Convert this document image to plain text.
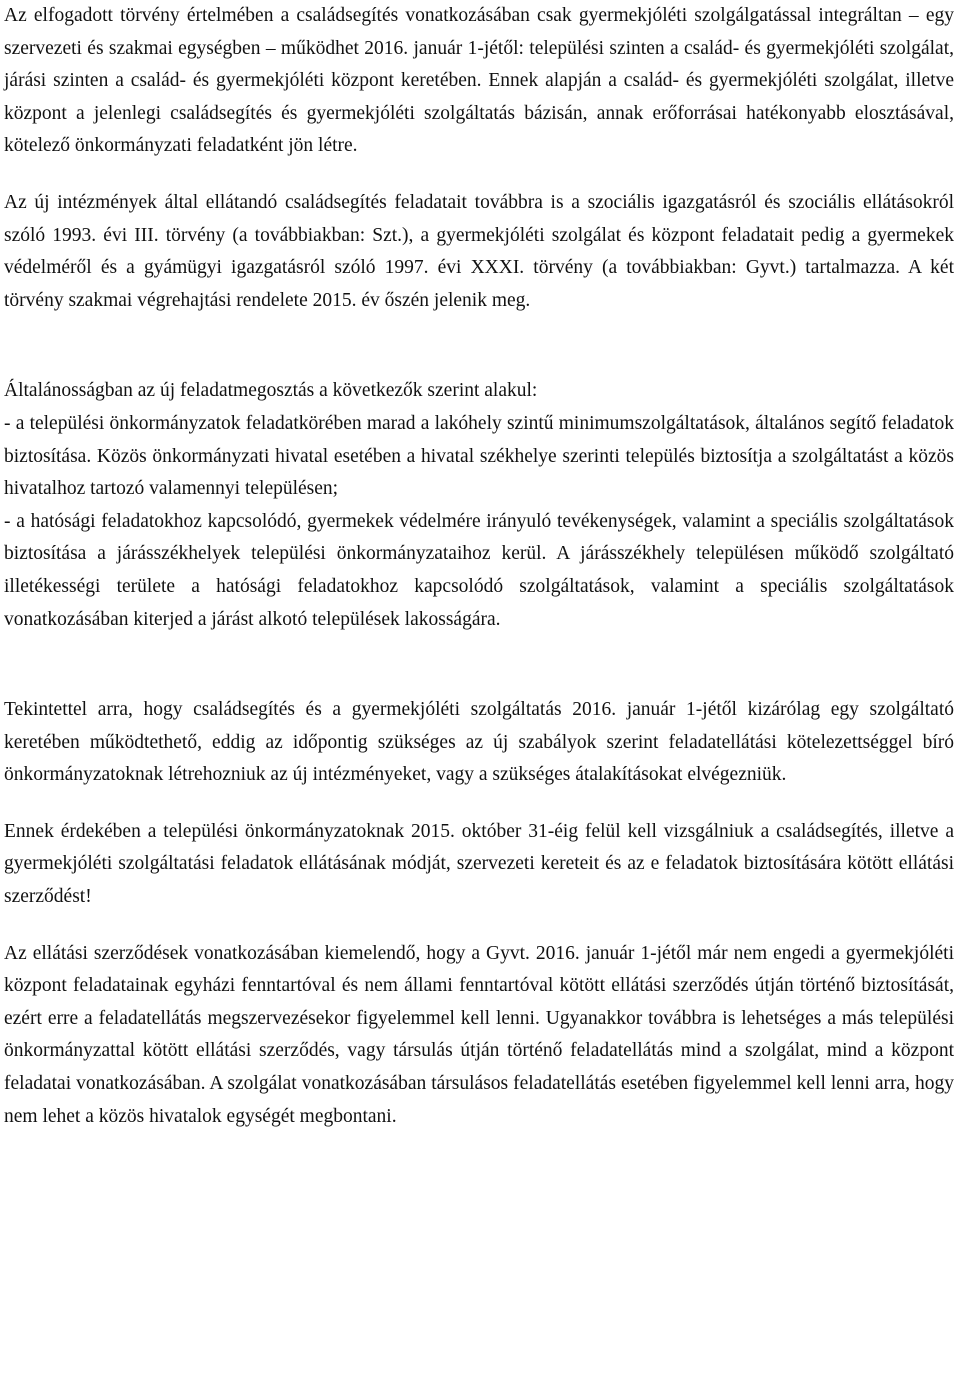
Az elfogadott törvény értelmében a családsegítés vonatkozásában csak gyermekjóléti szolgálgatással integráltan – egy szervezeti és szakmai egységben – működhet 2016. január 1-jétől: települési szinten a család- és gyermekjóléti szolgálat, járási szinten a család- és gyermekjóléti központ keretében. Ennek alapján a család- és gyermekjóléti szolgálat, illetve központ a jelenlegi családsegítés és gyermekjóléti szolgáltatás bázisán, annak erőforrásai hatékonyabb elosztásával, kötelező önkormányzati feladatként jön létre.

Az új intézmények által ellátandó családsegítés feladatait továbbra is a szociális igazgatásról és szociális ellátásokról szóló 1993. évi III. törvény (a továbbiakban: Szt.), a gyermekjóléti szolgálat és központ feladatait pedig a gyermekek védelméről és a gyámügyi igazgatásról szóló 1997. évi XXXI. törvény (a továbbiakban: Gyvt.) tartalmazza. A két törvény szakmai végrehajtási rendelete 2015. év őszén jelenik meg.

Általánosságban az új feladatmegosztás a következők szerint alakul:

- a települési önkormányzatok feladatkörében marad a lakóhely szintű minimumszolgáltatások, általános segítő feladatok biztosítása. Közös önkormányzati hivatal esetében a hivatal székhelye szerinti település biztosítja a szolgáltatást a közös hivatalhoz tartozó valamennyi településen;

- a hatósági feladatokhoz kapcsolódó, gyermekek védelmére irányuló tevékenységek, valamint a speciális szolgáltatások biztosítása a járásszékhelyek települési önkormányzataihoz kerül. A járásszékhely településen működő szolgáltató illetékességi területe a hatósági feladatokhoz kapcsolódó szolgáltatások, valamint a speciális szolgáltatások vonatkozásában kiterjed a járást alkotó települések lakosságára.

Tekintettel arra, hogy családsegítés és a gyermekjóléti szolgáltatás 2016. január 1-jétől kizárólag egy szolgáltató keretében működtethető, eddig az időpontig szükséges az új szabályok szerint feladatellátási kötelezettséggel bíró önkormányzatoknak létrehozniuk az új intézményeket, vagy a szükséges átalakításokat elvégezniük.

Ennek érdekében a települési önkormányzatoknak 2015. október 31-éig felül kell vizsgálniuk a családsegítés, illetve a gyermekjóléti szolgáltatási feladatok ellátásának módját, szervezeti kereteit és az e feladatok biztosítására kötött ellátási szerződést!

Az ellátási szerződések vonatkozásában kiemelendő, hogy a Gyvt. 2016. január 1-jétől már nem engedi a gyermekjóléti központ feladatainak egyházi fenntartóval és nem állami fenntartóval kötött ellátási szerződés útján történő biztosítását, ezért erre a feladatellátás megszervezésekor figyelemmel kell lenni. Ugyanakkor továbbra is lehetséges a más települési önkormányzattal kötött ellátási szerződés, vagy társulás útján történő feladatellátás mind a szolgálat, mind a központ feladatai vonatkozásában. A szolgálat vonatkozásában társulásos feladatellátás esetében figyelemmel kell lenni arra, hogy nem lehet a közös hivatalok egységét megbontani.
